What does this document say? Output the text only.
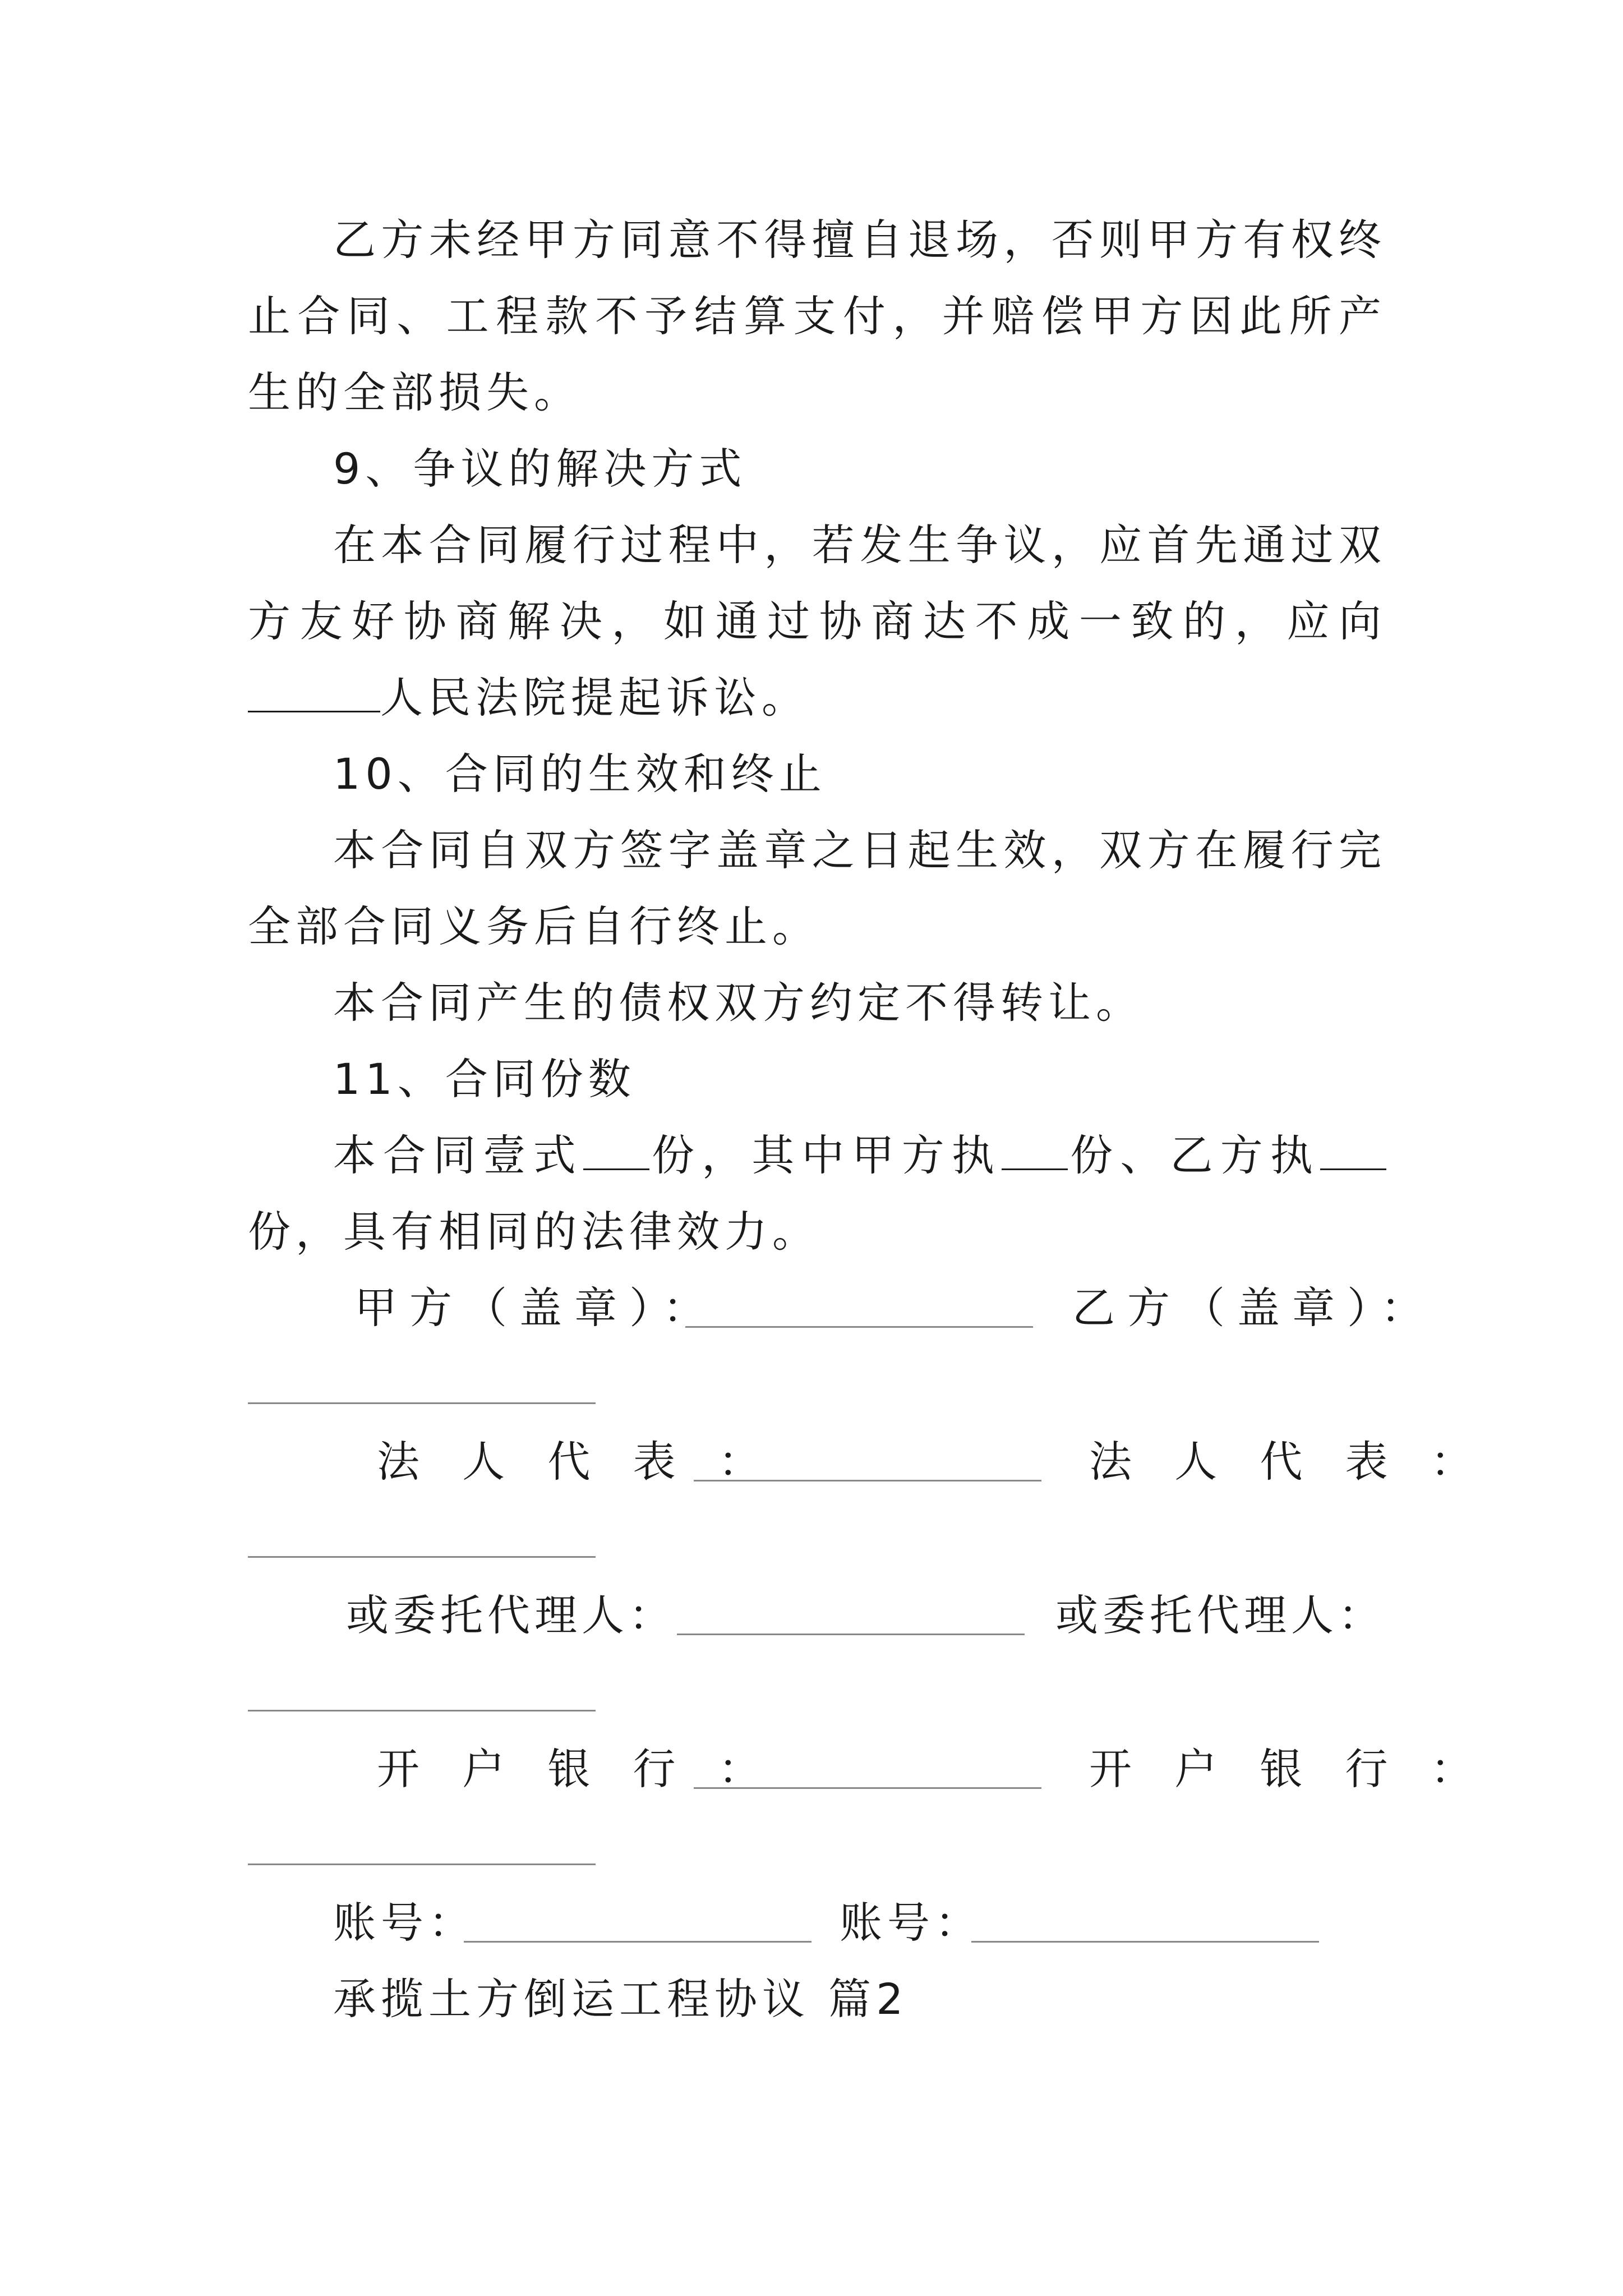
乙方未经甲方同意不得擅自退场，否则甲方有权终止合同、工程款不予结算支付，并赔偿甲方因此所产生的全部损失。

9、争议的解决方式

在本合同履行过程中，若发生争议，应首先通过双方友好协商解决，如通过协商达不成一致的，应向人民法院提起诉讼。

10、合同的生效和终止

本合同自双方签字盖章之日起生效，双方在履行完全部合同义务后自行终止。

本合同产生的债权双方约定不得转让。

11、合同份数

本合同壹式 份，其中甲方执 份、乙方执份，具有相同的法律效力。

甲方（盖章）：	乙方（盖章）：
法 人 代 表 ：	法 人 代 表 ：
或委托代理人：	或委托代理人：
开 户 银 行 ：	开 户 银 行 ：
账号：	账号：

承揽土方倒运工程协议 篇2
